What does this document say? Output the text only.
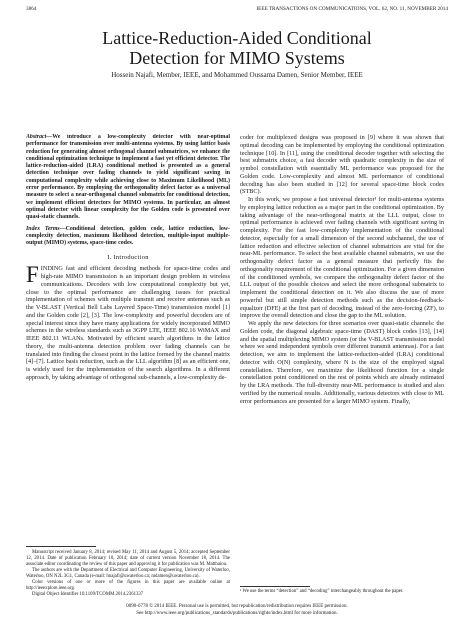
3864	IEEE TRANSACTIONS ON COMMUNICATIONS, VOL. 62, NO. 11, NOVEMBER 2014
Lattice-Reduction-Aided Conditional
Detection for MIMO Systems
Hossein Najafi, Member, IEEE, and Mohammed Oussama Damen, Senior Member, IEEE

Abstract—We introduce a low-complexity detector with near-optimal performance for transmission over multi-antenna systems. By using lattice basis reduction for generating almost orthogonal channel submatrices, we enhance the conditional optimization technique to implement a fast yet efficient detector. The lattice-reduction-aided (LRA) conditional method is presented as a general detection technique over fading channels to yield significant saving in computational complexity while achieving close to Maximum Likelihood (ML) error performance. By employing the orthogonality defect factor as a universal measure to select a near-orthogonal channel submatrix for conditional detection, we implement efficient detectors for MIMO systems. In particular, an almost optimal detector with linear complexity for the Golden code is presented over quasi-static channels.

Index Terms—Conditional detection, golden code, lattice reduction, low-complexity detection, maximum likelihood detection, multiple-input multiple-output (MIMO) systems, space-time codes.

I. Introduction

FINDING fast and efficient decoding methods for space-time codes and high-rate MIMO transmission is an important design problem in wireless communications. Decoders with low computational complexity but yet, close to the optimal performance are challenging issues for practical implementation of schemes with multiple transmit and receive antennas such as the V-BLAST (Vertical Bell Labs Layered Space-Time) transmission model [1] and the Golden code [2], [3]. The low-complexity and powerful decoders are of special interest since they have many applications for widely incorporated MIMO schemes in the wireless standards such as 3GPP LTE, IEEE 802.16 WiMAX and IEEE 802.11 WLANs. Motivated by efficient search algorithms in the lattice theory, the multi-antenna detection problem over fading channels can be translated into finding the closest point in the lattice formed by the channel matrix [4]–[7]. Lattice basis reduction, such as the LLL algorithm [8] as an efficient one, is widely used for the implementation of the search algorithms. In a different approach, by taking advantage of orthogonal sub-channels, a low-complexity de-

Manuscript received January 8, 2014; revised May 11, 2014 and August 5, 2014; accepted September 12, 2014. Date of publication February 10, 2014; date of current version November 18, 2014. The associate editor coordinating the review of this paper and approving it for publication was M. Matthaiou.

The authors are with the Department of Electrical and Computer Engineering, University of Waterloo, Waterloo, ON N2L 3G1, Canada (e-mail: hnajafi@uwaterloo.ca; mdamen@uwaterloo.ca).

Color versions of one or more of the figures in this paper are available online at http://ieeexplore.ieee.org.

Digital Object Identifier 10.1109/TCOMM.2014.2361337

coder for multiplexed designs was proposed in [9] where it was shown that optimal decoding can be implemented by employing the conditional optimization technique [10]. In [11], using the conditional decoder together with selecting the best submatrix choice, a fast decoder with quadratic complexity in the size of symbol constellation with essentially ML performance was proposed for the Golden code. Low-complexity and almost ML performance of conditional decoding has also been studied in [12] for several space-time block codes (STBC).

In this work, we propose a fast universal detector¹ for multi-antenna systems by employing lattice reduction as a major part in the conditional optimization. By taking advantage of the near-orthogonal matrix at the LLL output, close to optimal performance is achieved over fading channels with significant saving in complexity. For the fast low-complexity implementation of the conditional detector, especially for a small dimension of the second subchannel, the use of lattice reduction and effective selection of channel submatrices are vital for the near-ML performance. To select the best available channel submatrix, we use the orthogonality defect factor as a general measure that perfectly fits the orthogonality requirement of the conditional optimization. For a given dimension of the conditioned symbols, we compare the orthogonality defect factor of the LLL output of the possible choices and select the more orthogonal submatrix to implement the conditional detection on it. We also discuss the use of more powerful but still simple detection methods such as the decision-feedback-equalizer (DFE) at the first part of decoding, instead of the zero-forcing (ZF), to improve the overall detection and close the gap to the ML solution.

We apply the new detectors for three scenarios over quasi-static channels: the Golden code, the diagonal algebraic space-time (DAST) block codes [13], [14] and the spatial multiplexing MIMO system (or the V-BLAST transmission model where we send independent symbols over different transmit antennas). For a fast detection, we aim to implement the lattice-reduction-aided (LRA) conditional detector with O(N) complexity, where N is the size of the employed signal constellation. Therefore, we maximize the likelihood function for a single constellation point conditioned on the rest of points which are already estimated by the LRA methods. The full-diversity near-ML performance is studied and also verified by the numerical results. Additionally, various detectors with close to ML error performances are presented for a larger MIMO system. Finally,

¹ We use the terms “detection” and “decoding” interchangeably throughout the paper.
0090-6778 © 2014 IEEE. Personal use is permitted, but republication/redistribution requires IEEE permission.
See http://www.ieee.org/publications_standards/publications/rights/index.html for more information.
